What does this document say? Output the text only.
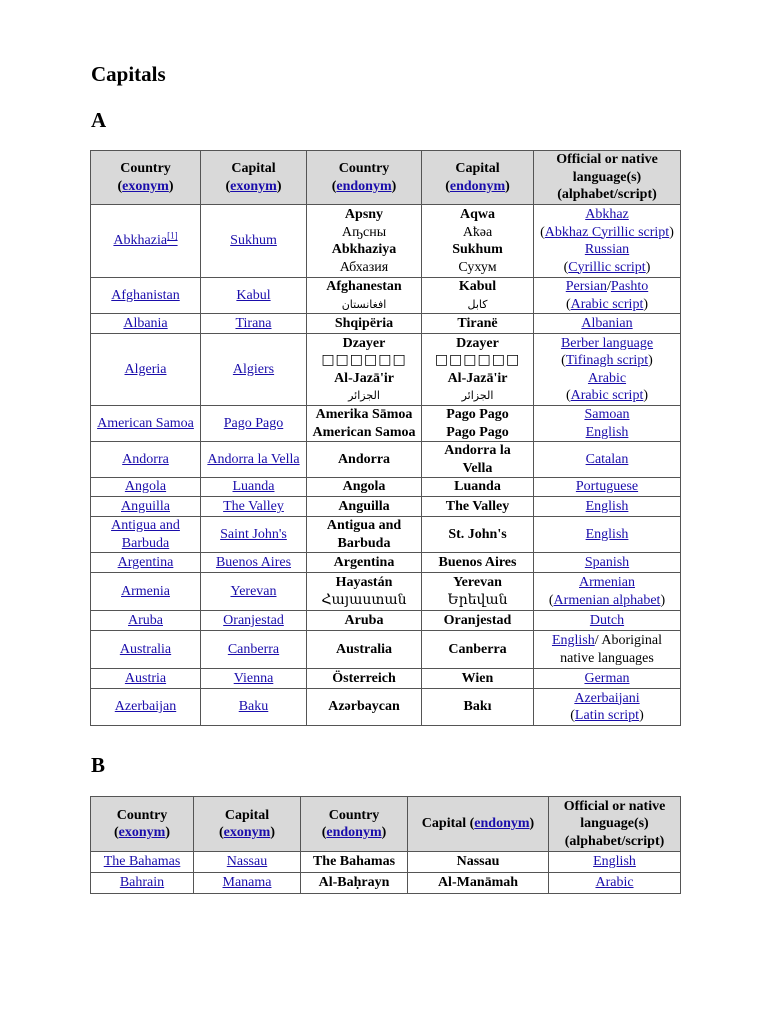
Capitals
A
Country
(exonym)	Capital
(exonym)	Country
(endonym)	Capital
(endonym)	Official or native
language(s)
(alphabet/script)

Abkhazia[1]	Sukhum	Apsny
Аҧсны
Abkhaziya
Абхазия	Aqwa
Аҟәа
Sukhum
Сухум	Abkhaz
(Abkhaz Cyrillic script)
Russian
(Cyrillic script)

Afghanistan	Kabul	Afghanestan
افغانستان	Kabul
كابل	Persian/Pashto
(Arabic script)

Albania	Tirana	Shqipëria	Tiranë	Albanian

Algeria	Algiers	Dzayer
□□□□□□
Al-Jazā'ir
الجزائر	Dzayer
□□□□□□
Al-Jazā'ir
الجزائر	Berber language
(Tifinagh script)
Arabic
(Arabic script)

American Samoa	Pago Pago	Amerika Sāmoa
American Samoa	Pago Pago
Pago Pago	Samoan
English

Andorra	Andorra la Vella	Andorra	Andorra la
Vella	Catalan

Angola	Luanda	Angola	Luanda	Portuguese

Anguilla	The Valley	Anguilla	The Valley	English

Antigua and Barbuda	Saint John's	Antigua and
Barbuda	St. John's	English

Argentina	Buenos Aires	Argentina	Buenos Aires	Spanish

Armenia	Yerevan	Hayastán
Հայաստան	Yerevan
Երեվան	Armenian
(Armenian alphabet)

Aruba	Oranjestad	Aruba	Oranjestad	Dutch

Australia	Canberra	Australia	Canberra	English/ Aboriginal
native languages

Austria	Vienna	Österreich	Wien	German

Azerbaijan	Baku	Azərbaycan	Bakı	Azerbaijani
(Latin script)
B
Country
(exonym)	Capital
(exonym)	Country
(endonym)	Capital (endonym)	Official or native
language(s)
(alphabet/script)

The Bahamas	Nassau	The Bahamas	Nassau	English

Bahrain	Manama	Al-Baḥrayn	Al-Manāmah	Arabic
